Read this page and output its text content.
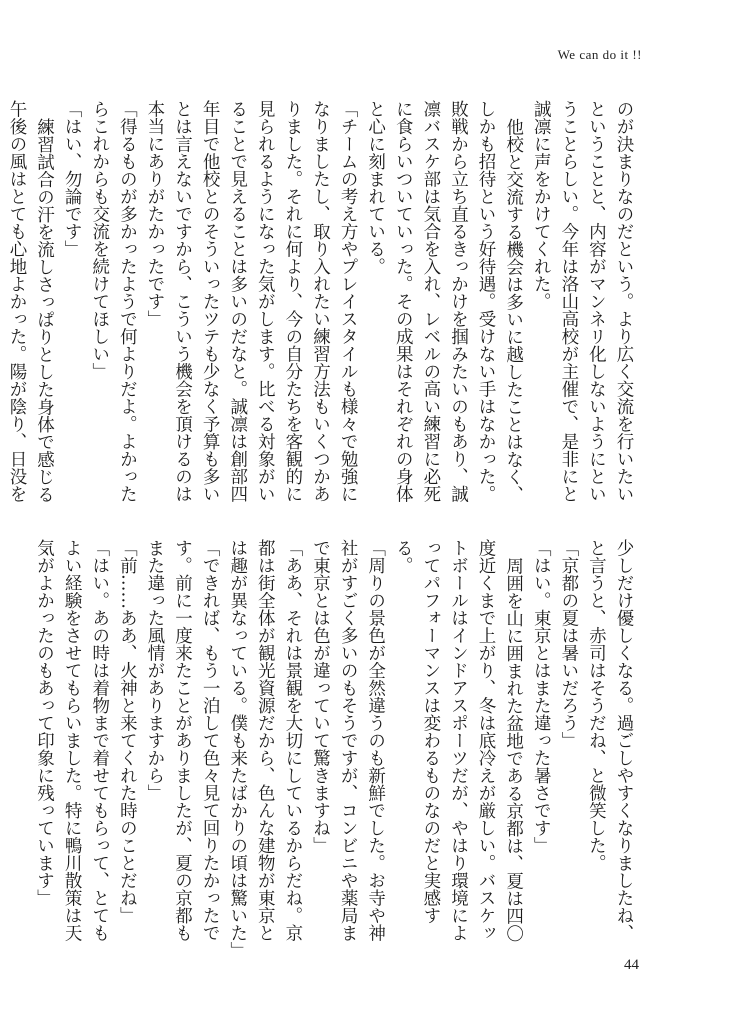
We can do it !!

のが決まりなのだという。より広く交流を行いたいということと、内容がマンネリ化しないようにということらしい。今年は洛山高校が主催で、是非にと誠凛に声をかけてくれた。

他校と交流する機会は多いに越したことはなく、しかも招待という好待遇。受けない手はなかった。敗戦から立ち直るきっかけを掴みたいのもあり、誠凛バスケ部は気合を入れ、レベルの高い練習に必死に食らいついていった。その成果はそれぞれの身体と心に刻まれている。

「チームの考え方やプレイスタイルも様々で勉強になりましたし、取り入れたい練習方法もいくつかありました。それに何より、今の自分たちを客観的に見られるようになった気がします。比べる対象がいることで見えることは多いのだなと。誠凛は創部四年目で他校とのそういったツテも少なく予算も多いとは言えないですから、こういう機会を頂けるのは本当にありがたかったです」

「得るものが多かったようで何よりだよ。よかったらこれからも交流を続けてほしい」

「はい、勿論です」

練習試合の汗を流しさっぱりとした身体で感じる午後の風はとても心地よかった。陽が陰り、日没を

少しだけ優しくなる。過ごしやすくなりましたね、と言うと、赤司はそうだね、と微笑した。

「京都の夏は暑いだろう」

「はい。東京とはまた違った暑さです」

周囲を山に囲まれた盆地である京都は、夏は四〇度近くまで上がり、冬は底冷えが厳しい。バスケットボールはインドアスポーツだが、やはり環境によってパフォーマンスは変わるものなのだと実感する。

「周りの景色が全然違うのも新鮮でした。お寺や神社がすごく多いのもそうですが、コンビニや薬局まで東京とは色が違っていて驚きますね」

「ああ、それは景観を大切にしているからだね。京都は街全体が観光資源だから、色んな建物が東京とは趣が異なっている。僕も来たばかりの頃は驚いた」

「できれば、もう一泊して色々見て回りたかったです。前に一度来たことがありましたが、夏の京都もまた違った風情がありますから」

「前……ああ、火神と来てくれた時のことだね」

「はい。あの時は着物まで着せてもらって、とてもよい経験をさせてもらいました。特に鴨川散策は天気がよかったのもあって印象に残っています」

44
